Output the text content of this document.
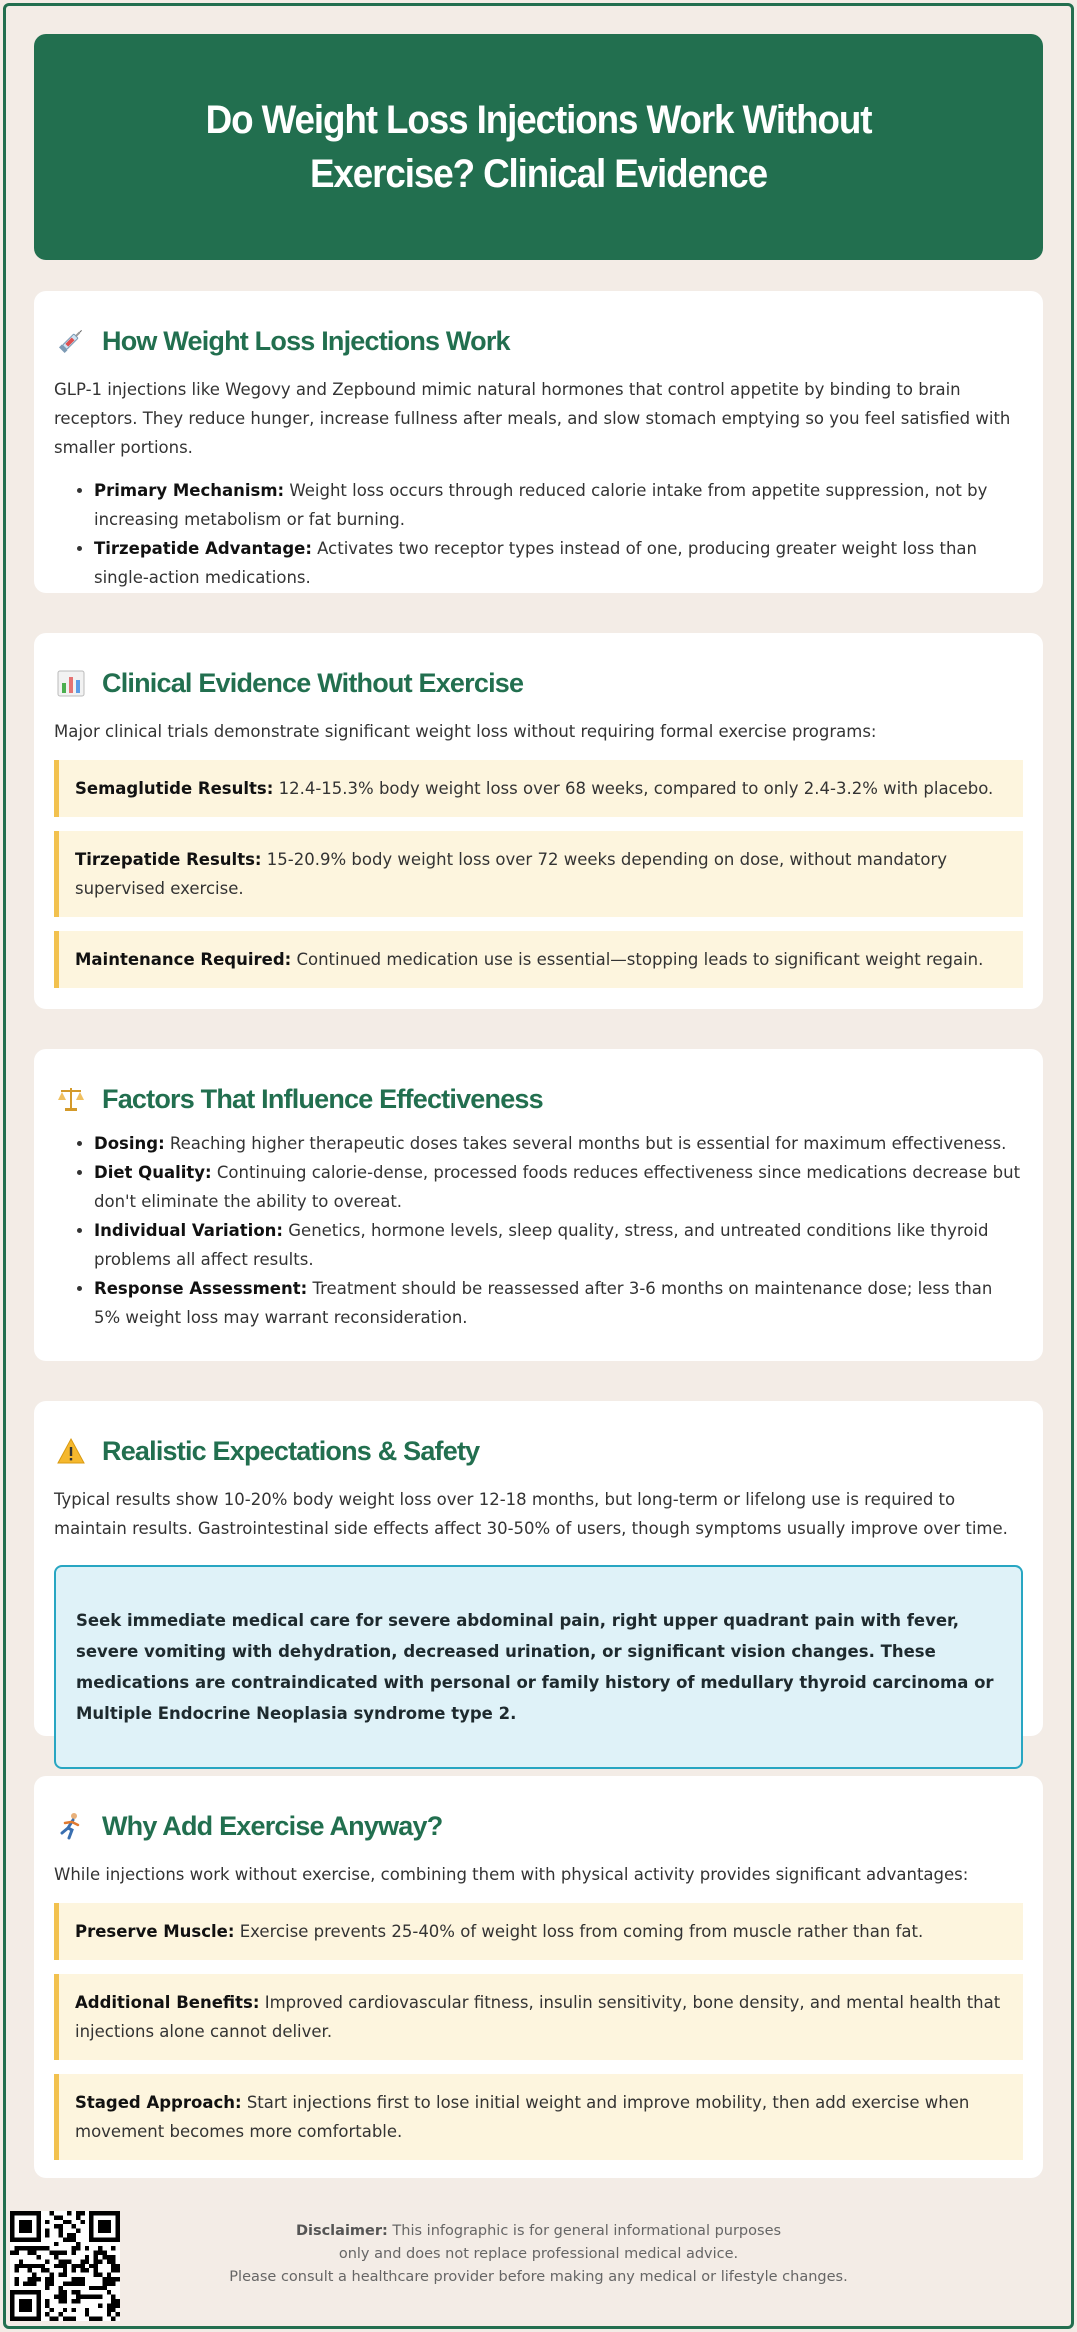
Do Weight Loss Injections Work Without Exercise? Clinical Evidence
How Weight Loss Injections Work

GLP-1 injections like Wegovy and Zepbound mimic natural hormones that control appetite by binding to brain receptors. They reduce hunger, increase fullness after meals, and slow stomach emptying so you feel satisfied with smaller portions.

• Primary Mechanism: Weight loss occurs through reduced calorie intake from appetite suppression, not by increasing metabolism or fat burning.
• Tirzepatide Advantage: Activates two receptor types instead of one, producing greater weight loss than single-action medications.
Clinical Evidence Without Exercise

Major clinical trials demonstrate significant weight loss without requiring formal exercise programs:

Semaglutide Results: 12.4-15.3% body weight loss over 68 weeks, compared to only 2.4-3.2% with placebo.
Tirzepatide Results: 15-20.9% body weight loss over 72 weeks depending on dose, without mandatory supervised exercise.
Maintenance Required: Continued medication use is essential—stopping leads to significant weight regain.
Factors That Influence Effectiveness
• Dosing: Reaching higher therapeutic doses takes several months but is essential for maximum effectiveness.
• Diet Quality: Continuing calorie-dense, processed foods reduces effectiveness since medications decrease but don't eliminate the ability to overeat.
• Individual Variation: Genetics, hormone levels, sleep quality, stress, and untreated conditions like thyroid problems all affect results.
• Response Assessment: Treatment should be reassessed after 3-6 months on maintenance dose; less than 5% weight loss may warrant reconsideration.
Realistic Expectations & Safety

Typical results show 10-20% body weight loss over 12-18 months, but long-term or lifelong use is required to maintain results. Gastrointestinal side effects affect 30-50% of users, though symptoms usually improve over time.

Seek immediate medical care for severe abdominal pain, right upper quadrant pain with fever, severe vomiting with dehydration, decreased urination, or significant vision changes. These medications are contraindicated with personal or family history of medullary thyroid carcinoma or Multiple Endocrine Neoplasia syndrome type 2.
Why Add Exercise Anyway?

While injections work without exercise, combining them with physical activity provides significant advantages:

Preserve Muscle: Exercise prevents 25-40% of weight loss from coming from muscle rather than fat.
Additional Benefits: Improved cardiovascular fitness, insulin sensitivity, bone density, and mental health that injections alone cannot deliver.
Staged Approach: Start injections first to lose initial weight and improve mobility, then add exercise when movement becomes more comfortable.
Disclaimer: This infographic is for general informational purposes
only and does not replace professional medical advice.
Please consult a healthcare provider before making any medical or lifestyle changes.
